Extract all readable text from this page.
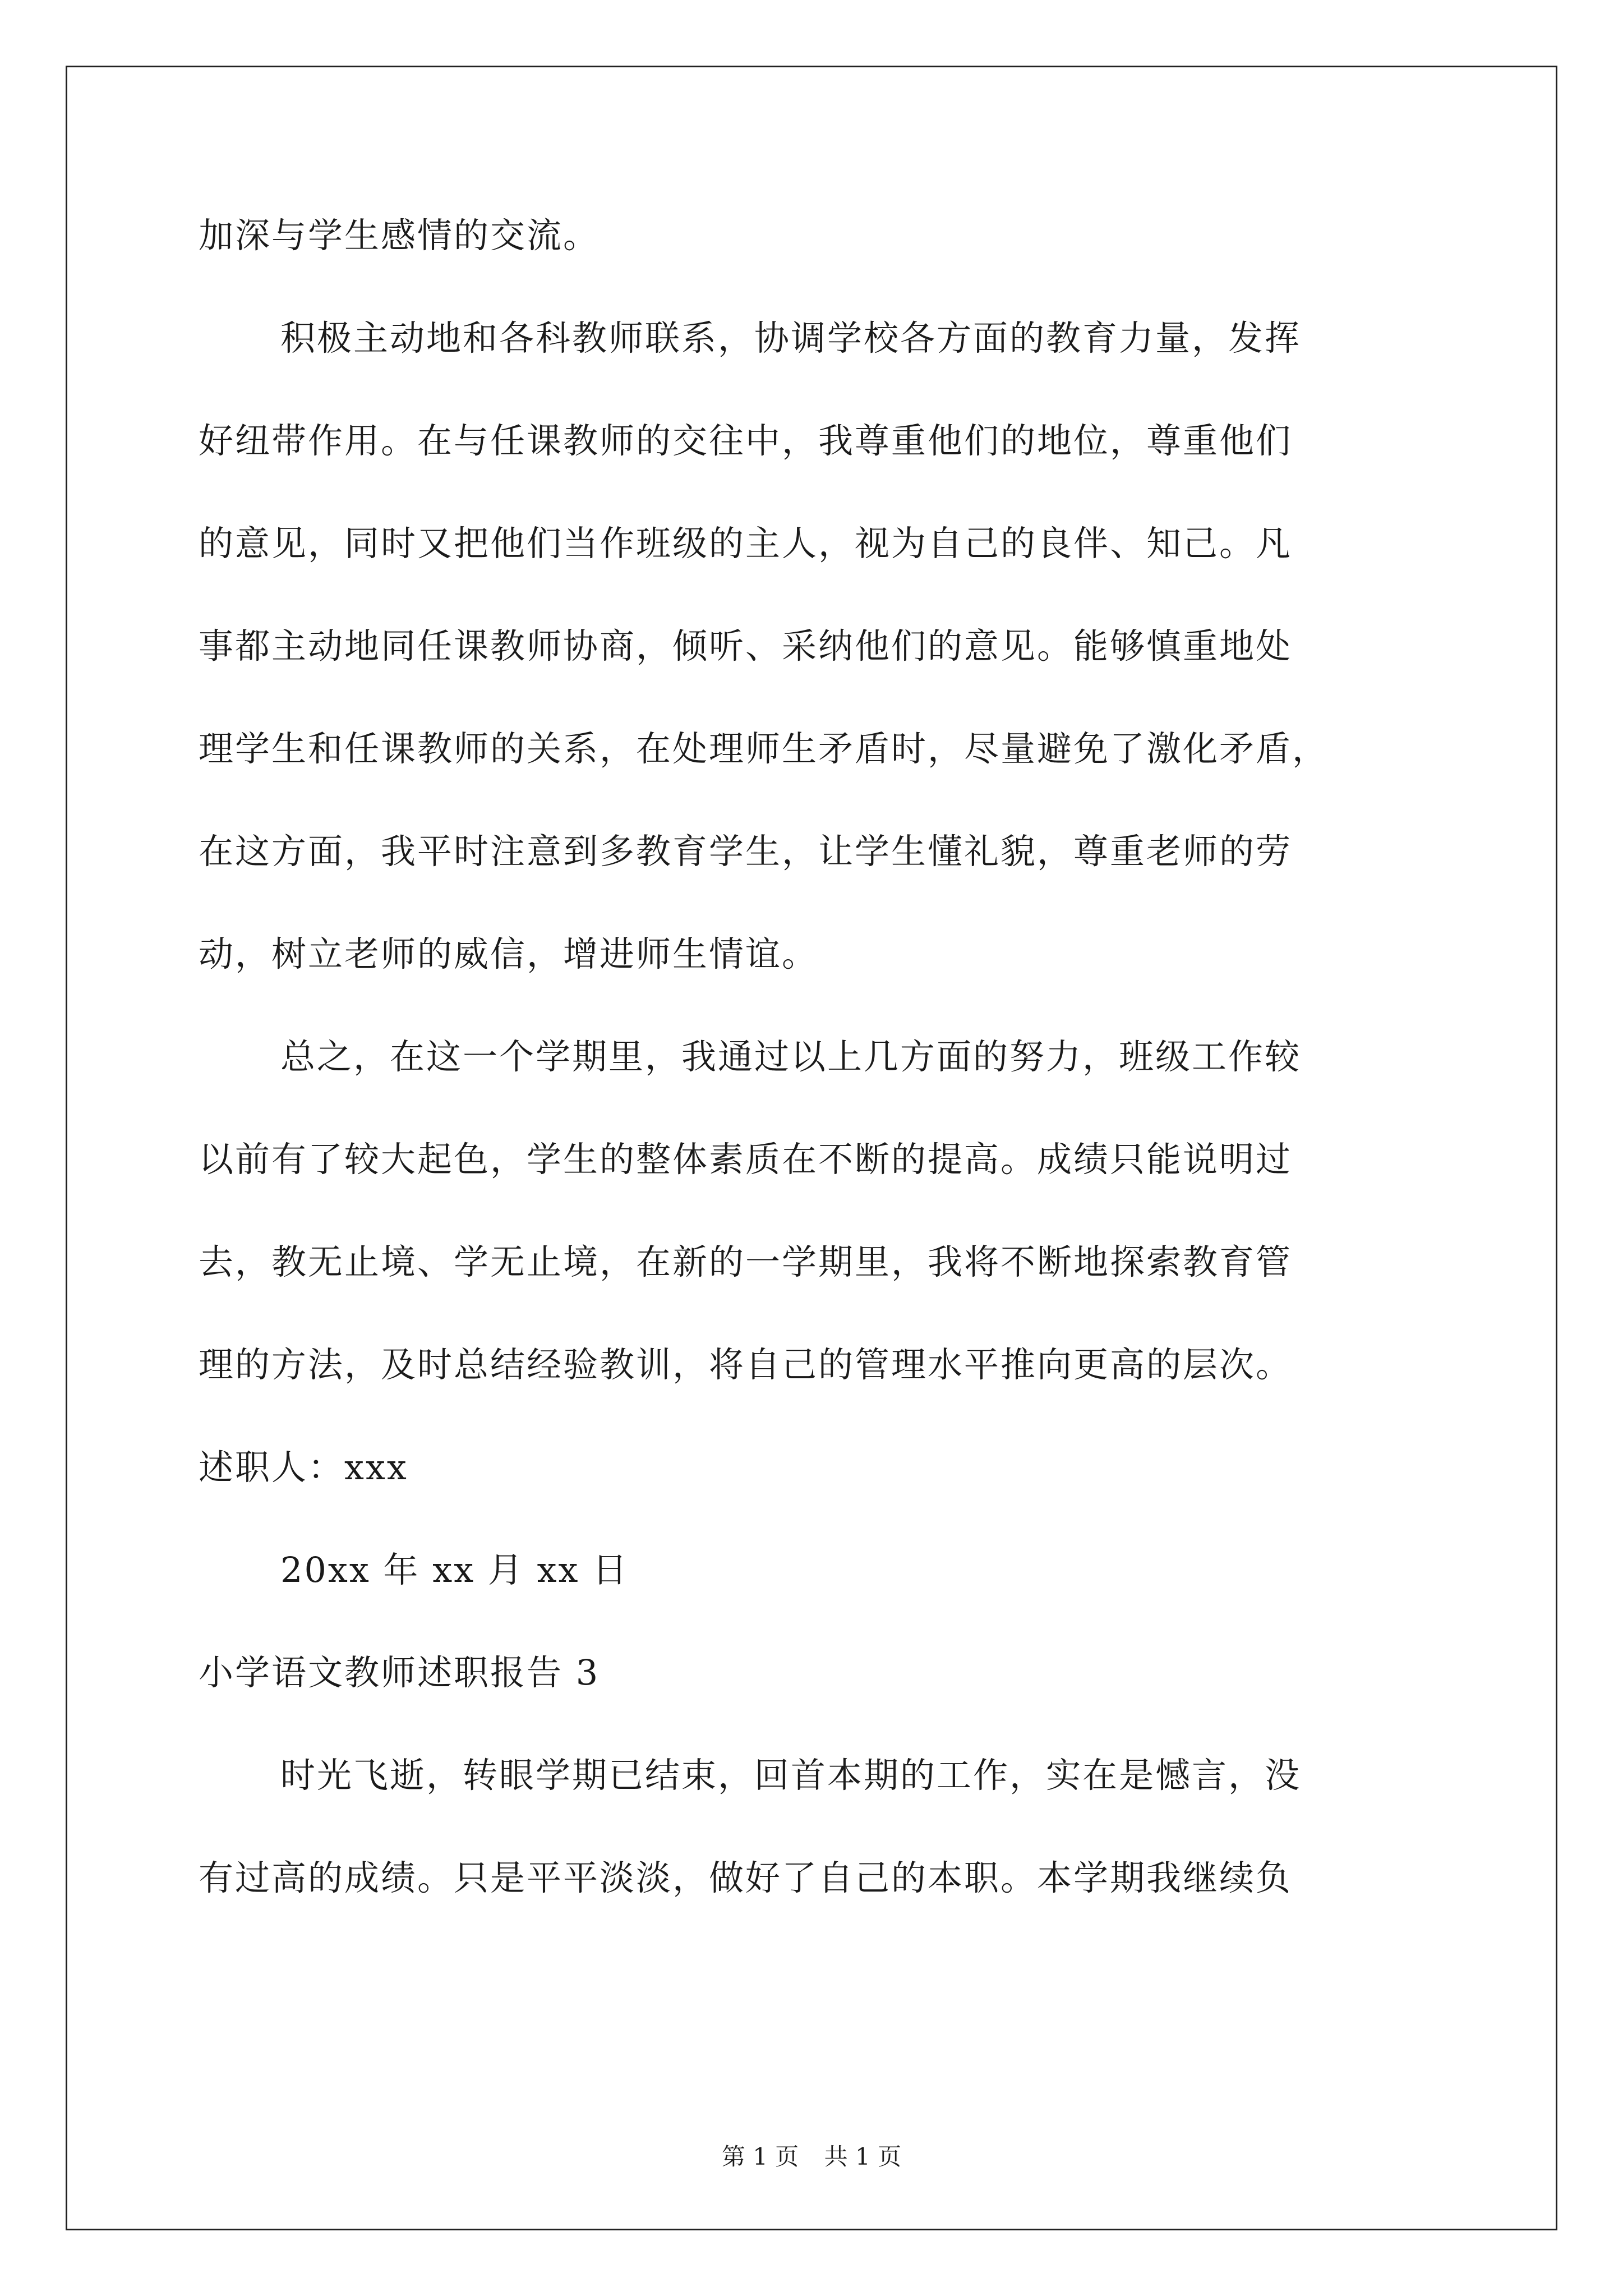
加深与学生感情的交流。
积极主动地和各科教师联系，协调学校各方面的教育力量，发挥
好纽带作用。在与任课教师的交往中，我尊重他们的地位，尊重他们
的意见，同时又把他们当作班级的主人，视为自己的良伴、知己。凡
事都主动地同任课教师协商，倾听、采纳他们的意见。能够慎重地处
理学生和任课教师的关系，在处理师生矛盾时，尽量避免了激化矛盾，
在这方面，我平时注意到多教育学生，让学生懂礼貌，尊重老师的劳
动，树立老师的威信，增进师生情谊。
总之，在这一个学期里，我通过以上几方面的努力，班级工作较
以前有了较大起色，学生的整体素质在不断的提高。成绩只能说明过
去，教无止境、学无止境，在新的一学期里，我将不断地探索教育管
理的方法，及时总结经验教训，将自己的管理水平推向更高的层次。
述职人：xxx
20xx 年 xx 月 xx 日
小学语文教师述职报告 3
时光飞逝，转眼学期已结束，回首本期的工作，实在是憾言，没
有过高的成绩。只是平平淡淡，做好了自己的本职。本学期我继续负
第 1 页 共 1 页
